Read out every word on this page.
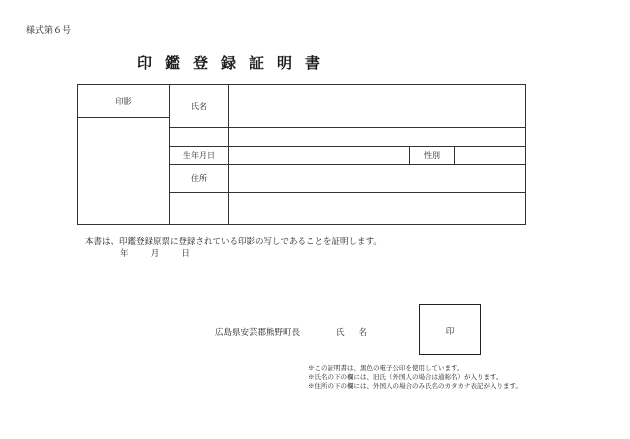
様式第６号
印鑑登録証明書
印影	氏名			

	生年月日		性別	
	住所			

本書は、印鑑登録原票に登録されている印影の写しであることを証明します。
年	月	日
広島県安芸郡熊野町長	氏名	印
※この証明書は、黒色の電子公印を使用しています。
※氏名の下の欄には、旧氏（外国人の場合は通称名）が入ります。
※住所の下の欄には、外国人の場合のみ氏名のカタカナ表記が入ります。
